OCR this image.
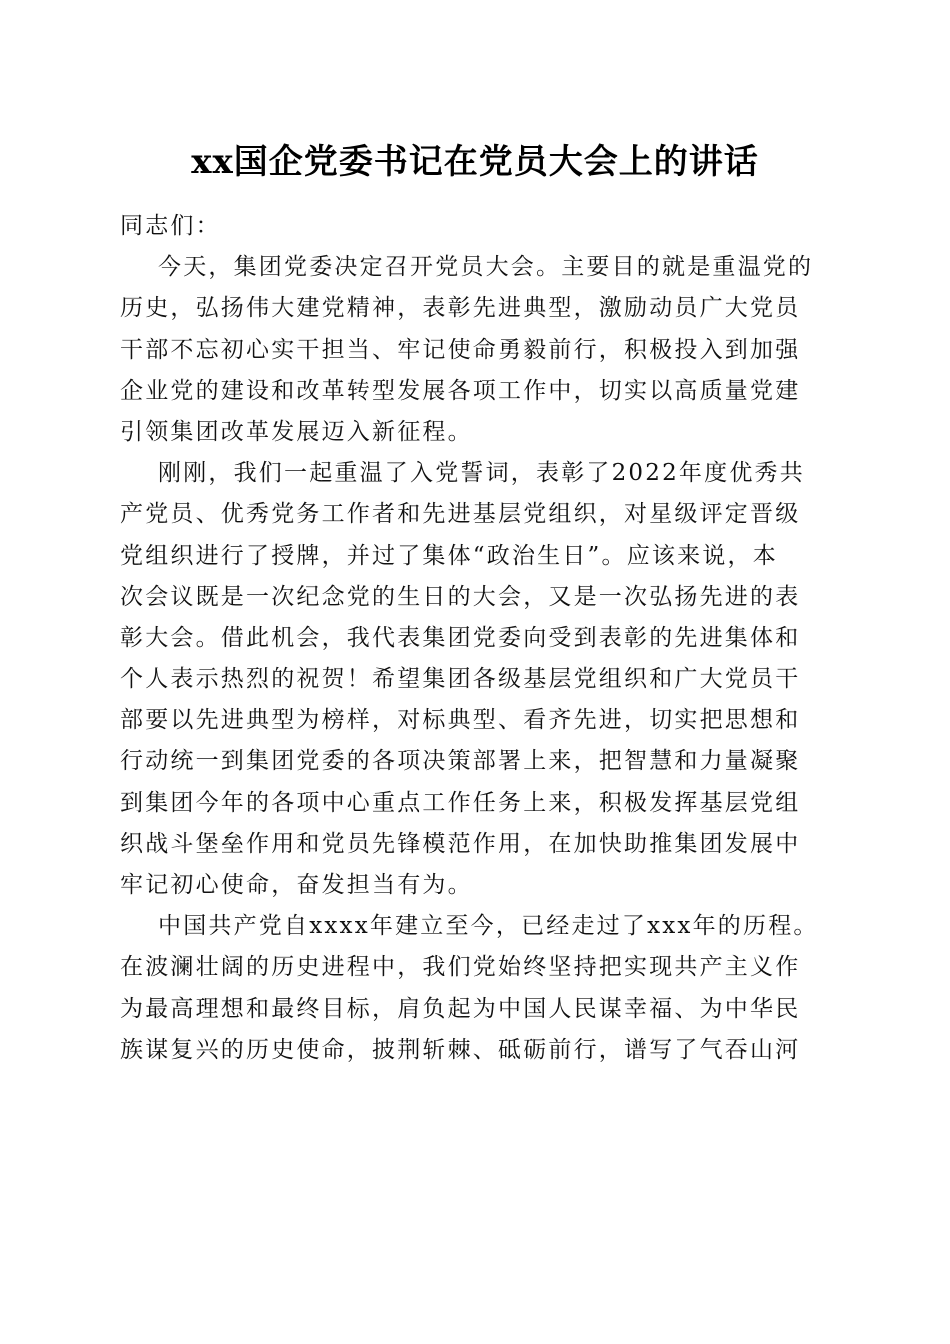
xx国企党委书记在党员大会上的讲话
同志们：
今天，集团党委决定召开党员大会。主要目的就是重温党的
历史，弘扬伟大建党精神，表彰先进典型，激励动员广大党员
干部不忘初心实干担当、牢记使命勇毅前行，积极投入到加强
企业党的建设和改革转型发展各项工作中，切实以高质量党建
引领集团改革发展迈入新征程。
刚刚，我们一起重温了入党誓词，表彰了2022年度优秀共
产党员、优秀党务工作者和先进基层党组织，对星级评定晋级
党组织进行了授牌，并过了集体“政治生日”。应该来说，本
次会议既是一次纪念党的生日的大会，又是一次弘扬先进的表
彰大会。借此机会，我代表集团党委向受到表彰的先进集体和
个人表示热烈的祝贺！希望集团各级基层党组织和广大党员干
部要以先进典型为榜样，对标典型、看齐先进，切实把思想和
行动统一到集团党委的各项决策部署上来，把智慧和力量凝聚
到集团今年的各项中心重点工作任务上来，积极发挥基层党组
织战斗堡垒作用和党员先锋模范作用，在加快助推集团发展中
牢记初心使命，奋发担当有为。
中国共产党自xxxx年建立至今，已经走过了xxx年的历程。
在波澜壮阔的历史进程中，我们党始终坚持把实现共产主义作
为最高理想和最终目标，肩负起为中国人民谋幸福、为中华民
族谋复兴的历史使命，披荆斩棘、砥砺前行，谱写了气吞山河
